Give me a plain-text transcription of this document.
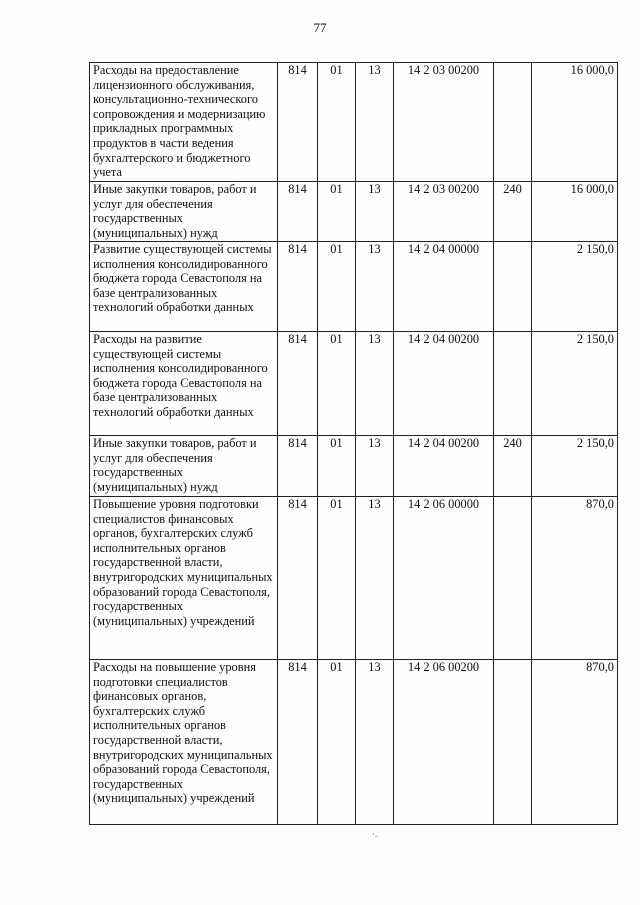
77
Расходы на предоставление лицензионного обслуживания, консультационно-технического сопровождения и модернизацию прикладных программных продуктов в части ведения бухгалтерского и бюджетного учета	814	01	13	14 2 03 00200		16 000,0
Иные закупки товаров, работ и услуг для обеспечения государственных (муниципальных) нужд	814	01	13	14 2 03 00200	240	16 000,0
Развитие существующей системы исполнения консолидированного бюджета города Севастополя на базе централизованных технологий обработки данных	814	01	13	14 2 04 00000		2 150,0
Расходы на развитие существующей системы исполнения консолидированного бюджета города Севастополя на базе централизованных технологий обработки данных	814	01	13	14 2 04 00200		2 150,0
Иные закупки товаров, работ и услуг для обеспечения государственных (муниципальных) нужд	814	01	13	14 2 04 00200	240	2 150,0
Повышение уровня подготовки специалистов финансовых органов, бухгалтерских служб исполнительных органов государственной власти, внутригородских муниципальных образований города Севастополя, государственных (муниципальных) учреждений	814	01	13	14 2 06 00000		870,0
Расходы на повышение уровня подготовки специалистов финансовых органов, бухгалтерских служб исполнительных органов государственной власти, внутригородских муниципальных образований города Севастополя, государственных (муниципальных) учреждений	814	01	13	14 2 06 00200		870,0
·.
